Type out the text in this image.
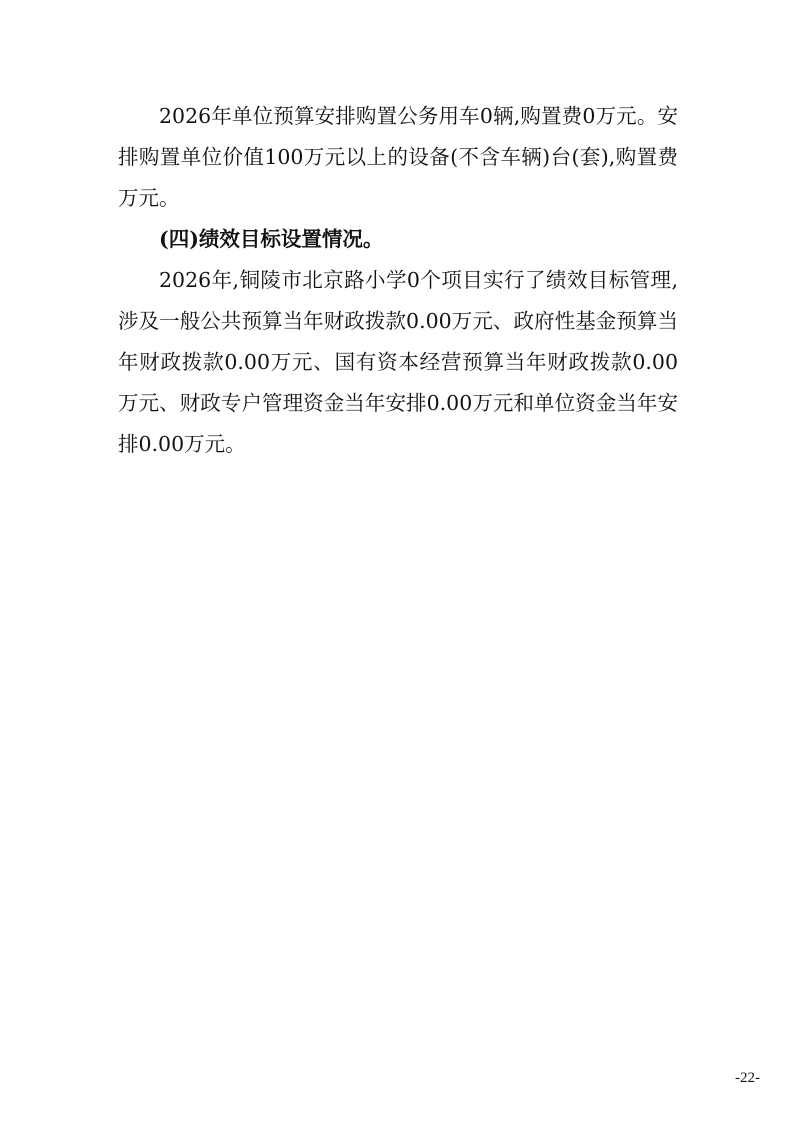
2026年单位预算安排购置公务用车0辆,购置费0万元。安排购置单位价值100万元以上的设备(不含车辆)台(套),购置费万元。

(四)绩效目标设置情况。

2026年,铜陵市北京路小学0个项目实行了绩效目标管理,涉及一般公共预算当年财政拨款0.00万元、政府性基金预算当年财政拨款0.00万元、国有资本经营预算当年财政拨款0.00万元、财政专户管理资金当年安排0.00万元和单位资金当年安排0.00万元。

-22-
